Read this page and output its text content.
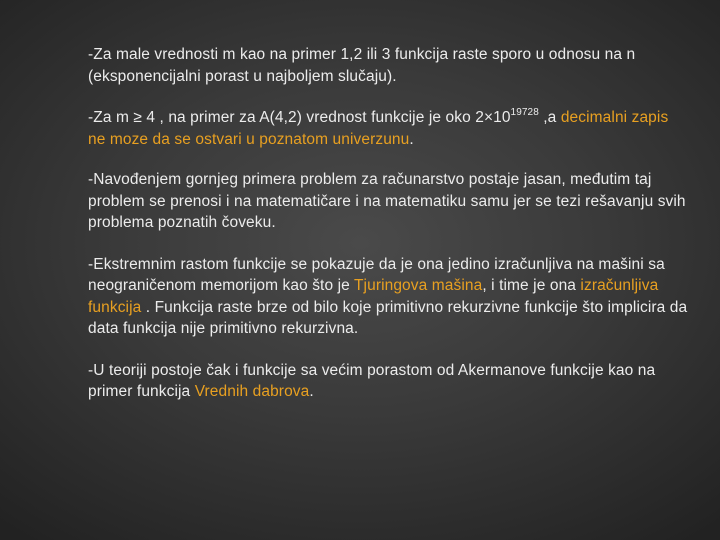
-Za male vrednosti m kao na primer 1,2 ili 3 funkcija raste sporo u odnosu na n (eksponencijalni porast u najboljem slučaju).

-Za m ≥ 4 , na primer za A(4,2) vrednost funkcije je oko $2\times 10^{19728}$ ,a decimalni zapis ne moze da se ostvari u poznatom univerzunu.

-Navođenjem gornjeg primera problem za računarstvo postaje jasan, međutim taj problem se prenosi i na matematičare i na matematiku samu jer se tezi rešavanju svih problema poznatih čoveku.

-Ekstremnim rastom funkcije se pokazuje da je ona jedino izračunljiva na mašini sa neograničenom memorijom kao što je Tjuringova mašina, i time je ona izračunljiva funkcija . Funkcija raste brze od bilo koje primitivno rekurzivne funkcije što implicira da data funkcija nije primitivno rekurzivna.

-U teoriji postoje čak i funkcije sa većim porastom od Akermanove funkcije kao na primer funkcija Vrednih dabrova.
